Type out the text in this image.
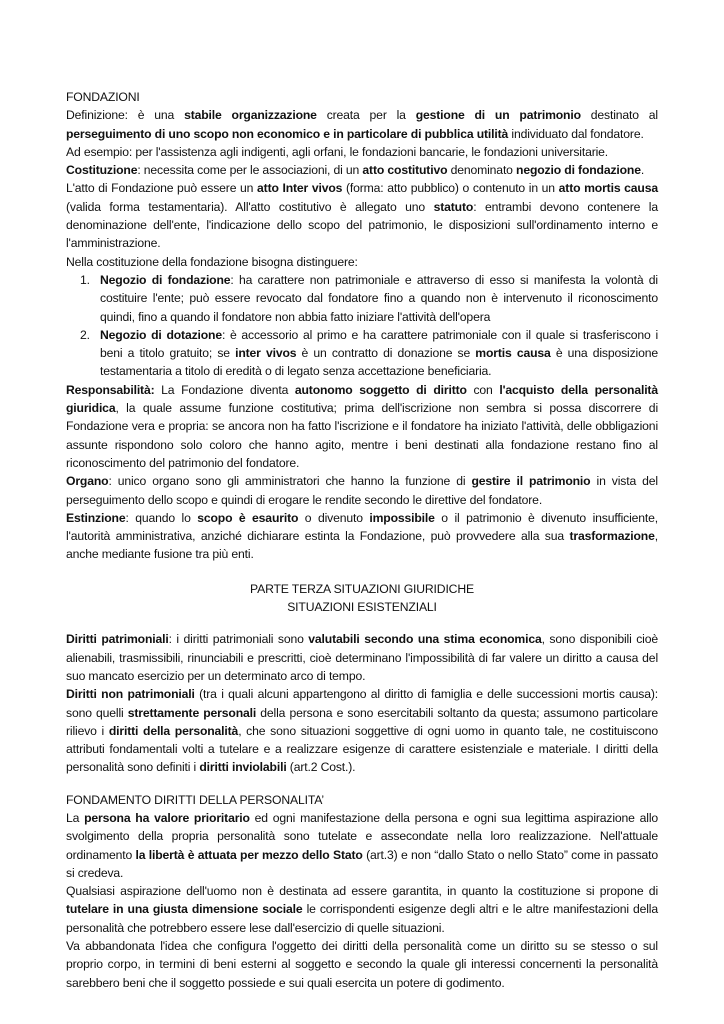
FONDAZIONI

Definizione: è una stabile organizzazione creata per la gestione di un patrimonio destinato al perseguimento di uno scopo non economico e in particolare di pubblica utilità individuato dal fondatore.

Ad esempio: per l'assistenza agli indigenti, agli orfani, le fondazioni bancarie, le fondazioni universitarie.

Costituzione: necessita come per le associazioni, di un atto costitutivo denominato negozio di fondazione.

L'atto di Fondazione può essere un atto Inter vivos (forma: atto pubblico) o contenuto in un atto mortis causa (valida forma testamentaria). All'atto costitutivo è allegato uno statuto: entrambi devono contenere la denominazione dell'ente, l'indicazione dello scopo del patrimonio, le disposizioni sull'ordinamento interno e l'amministrazione.

Nella costituzione della fondazione bisogna distinguere:

1. Negozio di fondazione: ha carattere non patrimoniale e attraverso di esso si manifesta la volontà di costituire l'ente; può essere revocato dal fondatore fino a quando non è intervenuto il riconoscimento quindi, fino a quando il fondatore non abbia fatto iniziare l'attività dell'opera
2. Negozio di dotazione: è accessorio al primo e ha carattere patrimoniale con il quale si trasferiscono i beni a titolo gratuito; se inter vivos è un contratto di donazione se mortis causa è una disposizione testamentaria a titolo di eredità o di legato senza accettazione beneficiaria.

Responsabilità: La Fondazione diventa autonomo soggetto di diritto con l'acquisto della personalità giuridica, la quale assume funzione costitutiva; prima dell'iscrizione non sembra si possa discorrere di Fondazione vera e propria: se ancora non ha fatto l'iscrizione e il fondatore ha iniziato l'attività, delle obbligazioni assunte rispondono solo coloro che hanno agito, mentre i beni destinati alla fondazione restano fino al riconoscimento del patrimonio del fondatore.

Organo: unico organo sono gli amministratori che hanno la funzione di gestire il patrimonio in vista del perseguimento dello scopo e quindi di erogare le rendite secondo le direttive del fondatore.

Estinzione: quando lo scopo è esaurito o divenuto impossibile o il patrimonio è divenuto insufficiente, l'autorità amministrativa, anziché dichiarare estinta la Fondazione, può provvedere alla sua trasformazione, anche mediante fusione tra più enti.

PARTE TERZA SITUAZIONI GIURIDICHE

SITUAZIONI ESISTENZIALI

Diritti patrimoniali: i diritti patrimoniali sono valutabili secondo una stima economica, sono disponibili cioè alienabili, trasmissibili, rinunciabili e prescritti, cioè determinano l'impossibilità di far valere un diritto a causa del suo mancato esercizio per un determinato arco di tempo.

Diritti non patrimoniali (tra i quali alcuni appartengono al diritto di famiglia e delle successioni mortis causa): sono quelli strettamente personali della persona e sono esercitabili soltanto da questa; assumono particolare rilievo i diritti della personalità, che sono situazioni soggettive di ogni uomo in quanto tale, ne costituiscono attributi fondamentali volti a tutelare e a realizzare esigenze di carattere esistenziale e materiale. I diritti della personalità sono definiti i diritti inviolabili (art.2 Cost.).

FONDAMENTO DIRITTI DELLA PERSONALITA’

La persona ha valore prioritario ed ogni manifestazione della persona e ogni sua legittima aspirazione allo svolgimento della propria personalità sono tutelate e assecondate nella loro realizzazione. Nell'attuale ordinamento la libertà è attuata per mezzo dello Stato (art.3) e non “dallo Stato o nello Stato” come in passato si credeva.

Qualsiasi aspirazione dell'uomo non è destinata ad essere garantita, in quanto la costituzione si propone di tutelare in una giusta dimensione sociale le corrispondenti esigenze degli altri e le altre manifestazioni della personalità che potrebbero essere lese dall'esercizio di quelle situazioni.

Va abbandonata l'idea che configura l'oggetto dei diritti della personalità come un diritto su se stesso o sul proprio corpo, in termini di beni esterni al soggetto e secondo la quale gli interessi concernenti la personalità sarebbero beni che il soggetto possiede e sui quali esercita un potere di godimento.
